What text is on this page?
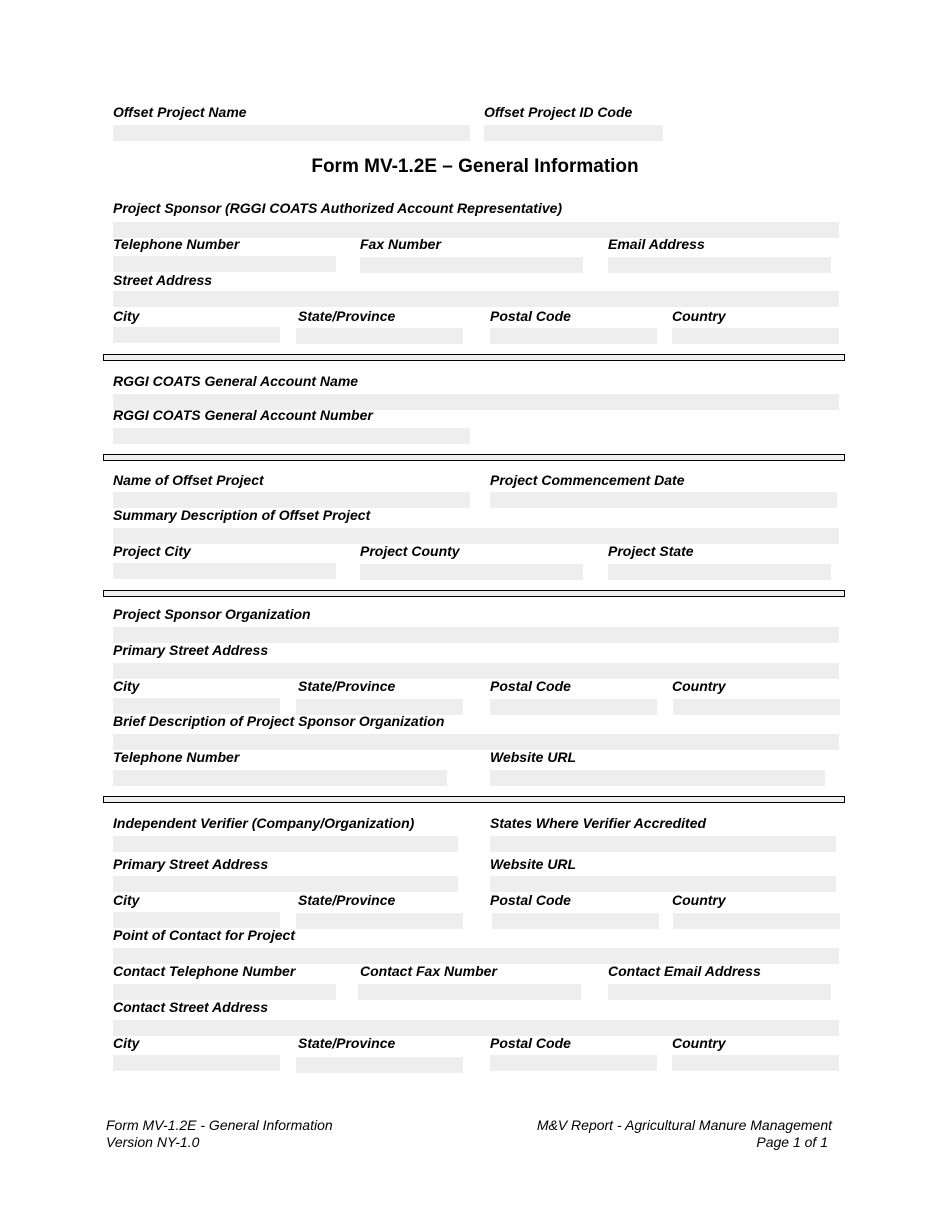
Offset Project Name	Offset Project ID Code
Form MV-1.2E – General Information
Project Sponsor (RGGI COATS Authorized Account Representative)
Telephone Number	Fax Number	Email Address
Street Address
City	State/Province	Postal Code	Country
RGGI COATS General Account Name
RGGI COATS General Account Number
Name of Offset Project	Project Commencement Date
Summary Description of Offset Project
Project City	Project County	Project State
Project Sponsor Organization
Primary Street Address
City	State/Province	Postal Code	Country
Brief Description of Project Sponsor Organization
Telephone Number	Website URL
Independent Verifier (Company/Organization)	States Where Verifier Accredited
Primary Street Address	Website URL
City	State/Province	Postal Code	Country
Point of Contact for Project
Contact Telephone Number	Contact Fax Number	Contact Email Address
Contact Street Address
City	State/Province	Postal Code	Country
Form MV-1.2E - General Information
Version NY-1.0
M&V Report - Agricultural Manure Management
Page 1 of 1
